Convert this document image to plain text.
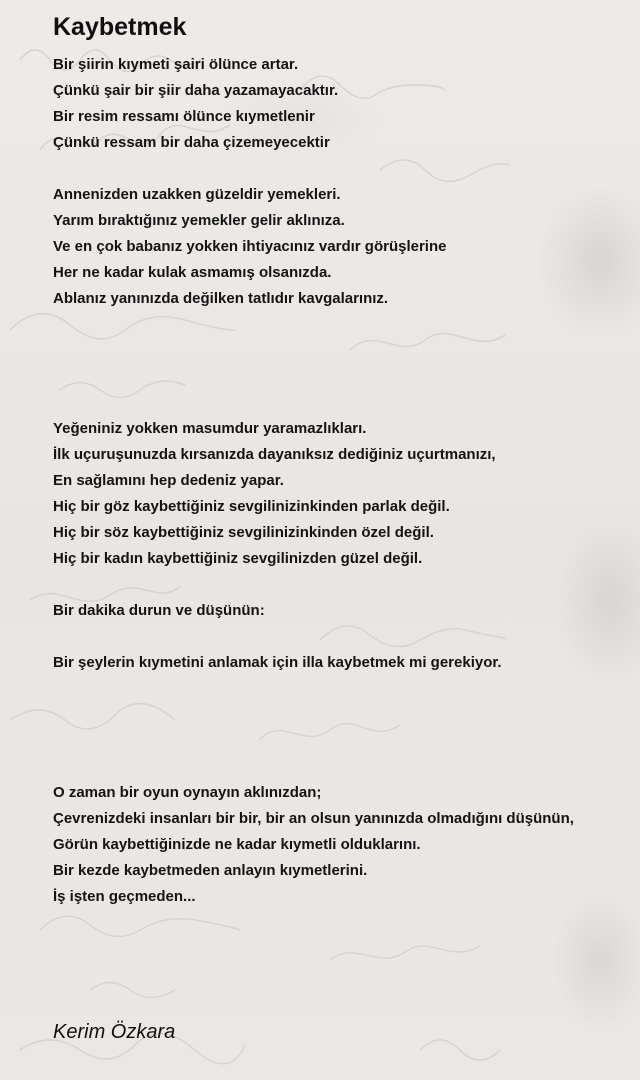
Kaybetmek
Bir şiirin kıymeti şairi ölünce artar.
Çünkü şair bir şiir daha yazamayacaktır.
Bir resim ressamı ölünce kıymetlenir
Çünkü ressam bir daha çizemeyecektir
Annenizden uzakken güzeldir yemekleri.
Yarım bıraktığınız yemekler gelir aklınıza.
Ve en çok babanız yokken ihtiyacınız vardır görüşlerine
Her ne kadar kulak asmamış olsanızda.
Ablanız yanınızda değilken tatlıdır kavgalarınız.
Yeğeniniz yokken masumdur yaramazlıkları.
İlk uçuruşunuzda kırsanızda dayanıksız dediğiniz uçurtmanızı,
En sağlamını hep dedeniz yapar.
Hiç bir göz kaybettiğiniz sevgilinizinkinden parlak değil.
Hiç bir söz kaybettiğiniz sevgilinizinkinden özel değil.
Hiç bir kadın kaybettiğiniz sevgilinizden güzel değil.
Bir dakika durun ve düşünün:
Bir şeylerin kıymetini anlamak için illa kaybetmek mi gerekiyor.
O zaman bir oyun oynayın aklınızdan;
Çevrenizdeki insanları bir bir, bir an olsun yanınızda olmadığını düşünün,
Görün kaybettiğinizde ne kadar kıymetli olduklarını.
Bir kezde kaybetmeden anlayın kıymetlerini.
İş işten geçmeden...
Kerim Özkara
